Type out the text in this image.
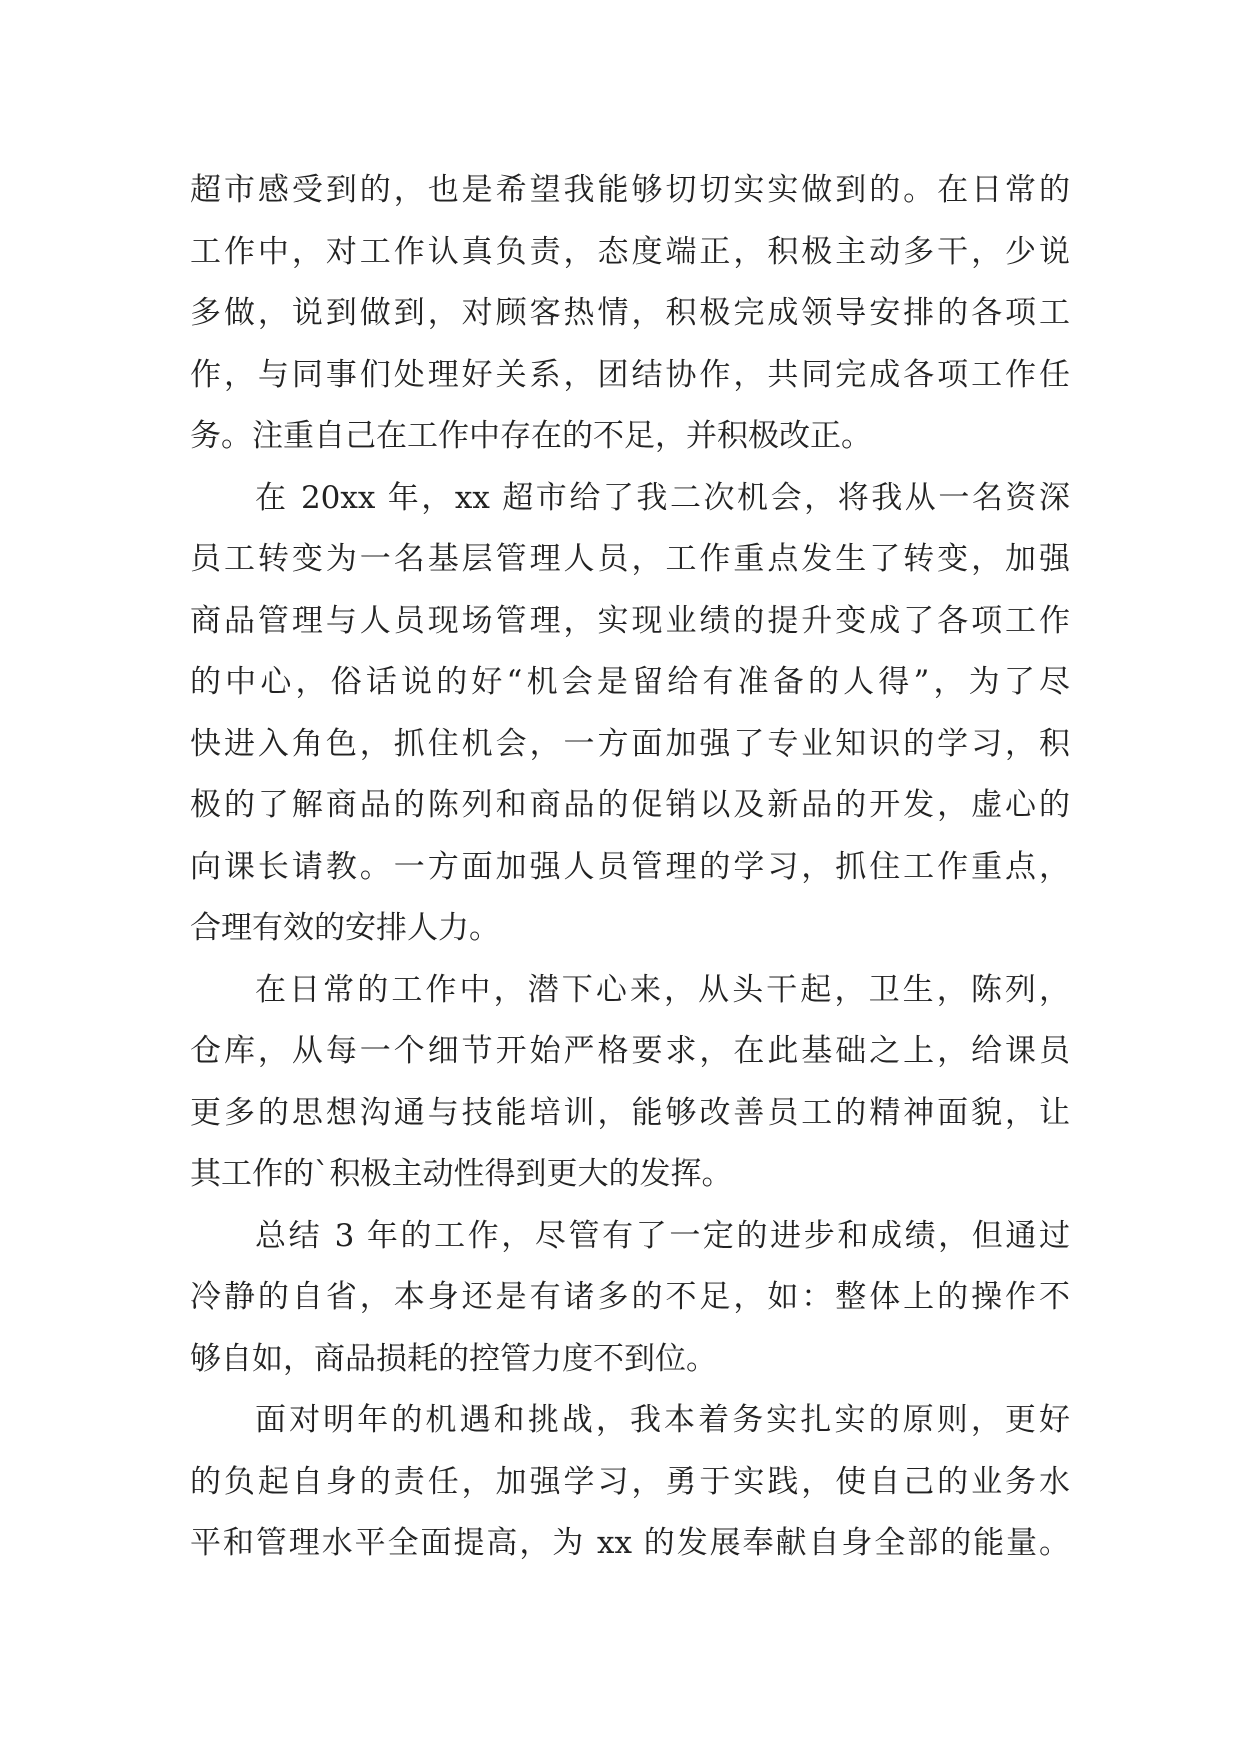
超市感受到的，也是希望我能够切切实实做到的。在日常的
工作中，对工作认真负责，态度端正，积极主动多干，少说
多做，说到做到，对顾客热情，积极完成领导安排的各项工
作，与同事们处理好关系，团结协作，共同完成各项工作任
务。注重自己在工作中存在的不足，并积极改正。
在 20xx 年，xx 超市给了我二次机会，将我从一名资深
员工转变为一名基层管理人员，工作重点发生了转变，加强
商品管理与人员现场管理，实现业绩的提升变成了各项工作
的中心，俗话说的好“机会是留给有准备的人得”，为了尽
快进入角色，抓住机会，一方面加强了专业知识的学习，积
极的了解商品的陈列和商品的促销以及新品的开发，虚心的
向课长请教。一方面加强人员管理的学习，抓住工作重点，
合理有效的安排人力。
在日常的工作中，潜下心来，从头干起，卫生，陈列，
仓库，从每一个细节开始严格要求，在此基础之上，给课员
更多的思想沟通与技能培训，能够改善员工的精神面貌，让
其工作的`积极主动性得到更大的发挥。
总结 3 年的工作，尽管有了一定的进步和成绩，但通过
冷静的自省，本身还是有诸多的不足，如：整体上的操作不
够自如，商品损耗的控管力度不到位。
面对明年的机遇和挑战，我本着务实扎实的原则，更好
的负起自身的责任，加强学习，勇于实践，使自己的业务水
平和管理水平全面提高，为 xx 的发展奉献自身全部的能量。
